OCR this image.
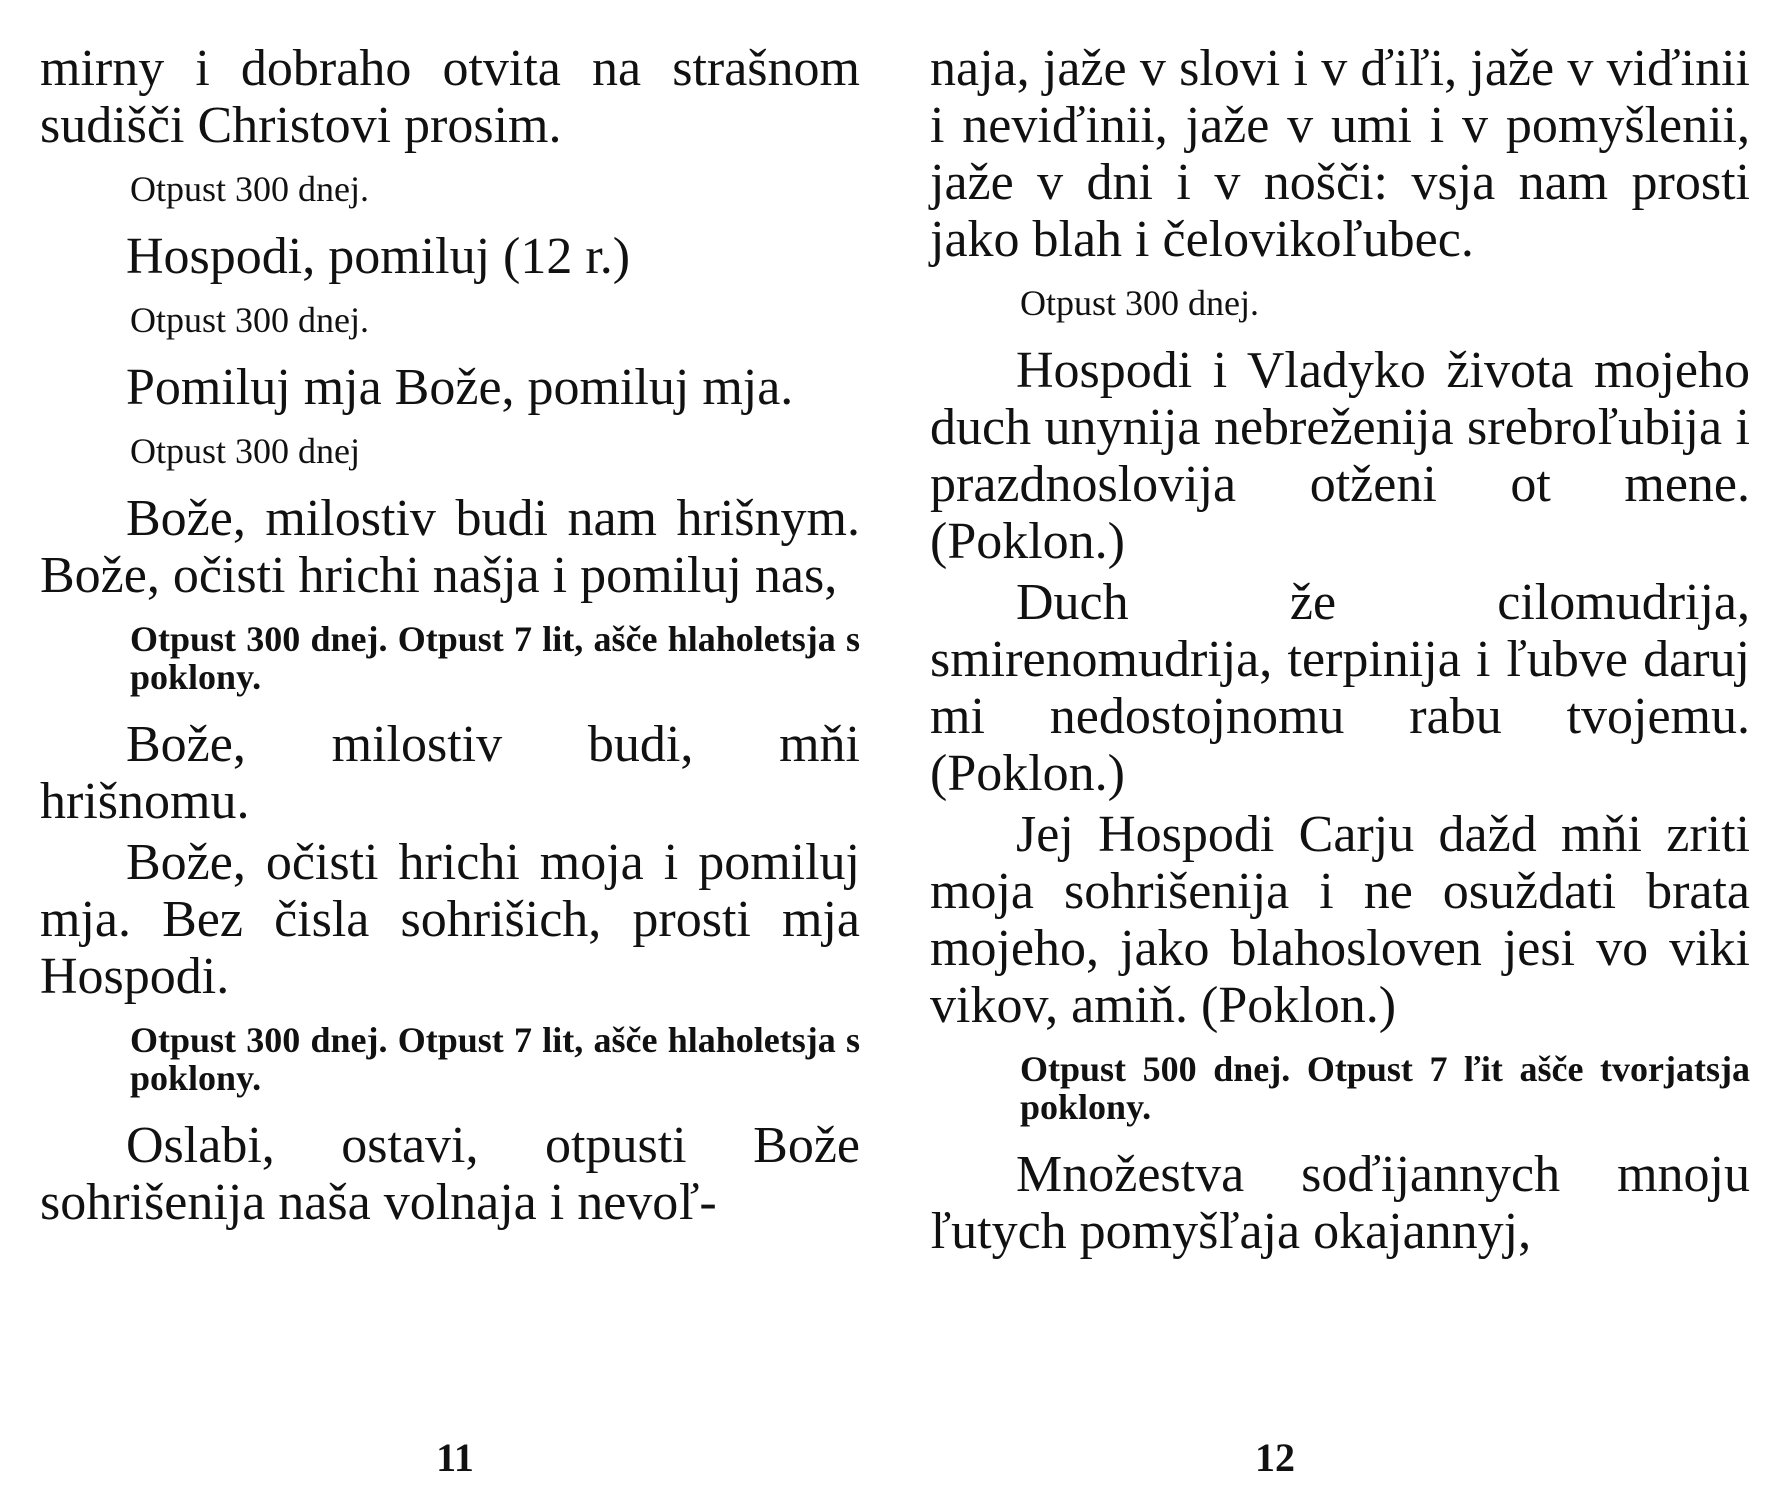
mirny i dobraho otvita na strašnom sudišči Christovi prosim.

Otpust 300 dnej.

Hospodi, pomiluj (12 r.)

Otpust 300 dnej.

Pomiluj mja Bože, pomiluj mja.

Otpust 300 dnej

Bože, milostiv budi nam hrišnym. Bože, očisti hrichi našja i pomiluj nas,

Otpust 300 dnej. Otpust 7 lit, ašče hlaholetsja s poklony.

Bože, milostiv budi, mňi hrišnomu.

Bože, očisti hrichi moja i pomiluj mja. Bez čisla sohrišich, prosti mja Hospodi.

Otpust 300 dnej. Otpust 7 lit, ašče hlaholetsja s poklony.

Oslabi, ostavi, otpusti Bože sohrišenija naša volnaja i nevoľ-

11

naja, jaže v slovi i v ďiľi, jaže v viďinii i neviďinii, jaže v umi i v pomyšlenii, jaže v dni i v nošči: vsja nam prosti jako blah i čelovikoľubec.

Otpust 300 dnej.

Hospodi i Vladyko života mojeho duch unynija nebreženija srebroľubija i prazdnoslovija otženi ot mene. (Poklon.)

Duch že cilomudrija, smirenomudrija, terpinija i ľubve daruj mi nedostojnomu rabu tvojemu. (Poklon.)

Jej Hospodi Carju dažd mňi zriti moja sohrišenija i ne osuždati brata mojeho, jako blahosloven jesi vo viki vikov, amiň. (Poklon.)

Otpust 500 dnej. Otpust 7 ľit ašče tvorjatsja poklony.

Množestva soďijannych mnoju ľutych pomyšľaja okajannyj,

12
